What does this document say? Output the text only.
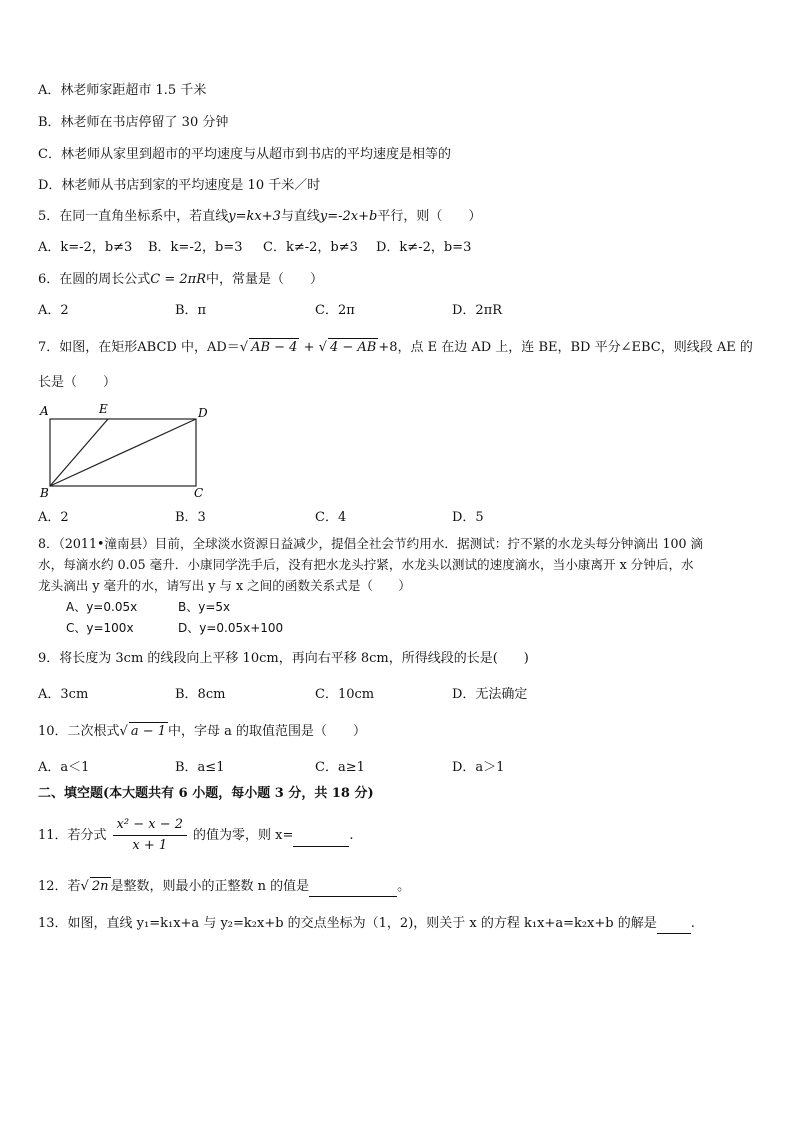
A．林老师家距超市 1.5 千米
B．林老师在书店停留了 30 分钟
C．林老师从家里到超市的平均速度与从超市到书店的平均速度是相等的
D．林老师从书店到家的平均速度是 10 千米／时
5．在同一直角坐标系中，若直线y=kx+3与直线y=-2x+b平行，则（　　）
A．k=-2，b≠3 B．k=-2，b=3 C．k≠-2，b≠3 D．k≠-2，b=3
6．在圆的周长公式C = 2πR中，常量是（　　）
A．2	B．π	C．2π	D．2πR
7．如图，在矩形ABCD 中，AD＝√ AB − 4 + √ 4 − AB +8，点 E 在边 AD 上，连 BE，BD 平分∠EBC，则线段 AE 的
长是（　　）
A	E	D
B	C
A．2	B．3	C．4	D．5
8．（2011•潼南县）目前，全球淡水资源日益减少，提倡全社会节约用水．据测试：拧不紧的水龙头每分钟滴出 100 滴
水，每滴水约 0.05 毫升．小康同学洗手后，没有把水龙头拧紧，水龙头以测试的速度滴水，当小康离开 x 分钟后，水
龙头滴出 y 毫升的水，请写出 y 与 x 之间的函数关系式是（　　）
A、y=0.05x	B、y=5x
C、y=100x	D、y=0.05x+100
9．将长度为 3cm 的线段向上平移 10cm，再向右平移 8cm，所得线段的长是(　　)
A．3cm	B．8cm	C．10cm	D．无法确定
10．二次根式√ a − 1 中，字母 a 的取值范围是（　　）
A．a＜1	B．a≤1	C．a≥1	D．a＞1
二、填空题(本大题共有 6 小题，每小题 3 分，共 18 分)
11．若分式 $\frac{\text{x² − x − 2}}{x + 1}$ 的值为零，则 x=	.
12．若√ 2n 是整数，则最小的正整数 n 的值是	。
13．如图，直线 y₁=k₁x+a 与 y₂=k₂x+b 的交点坐标为（1，2)，则关于 x 的方程 k₁x+a=k₂x+b 的解是	.
